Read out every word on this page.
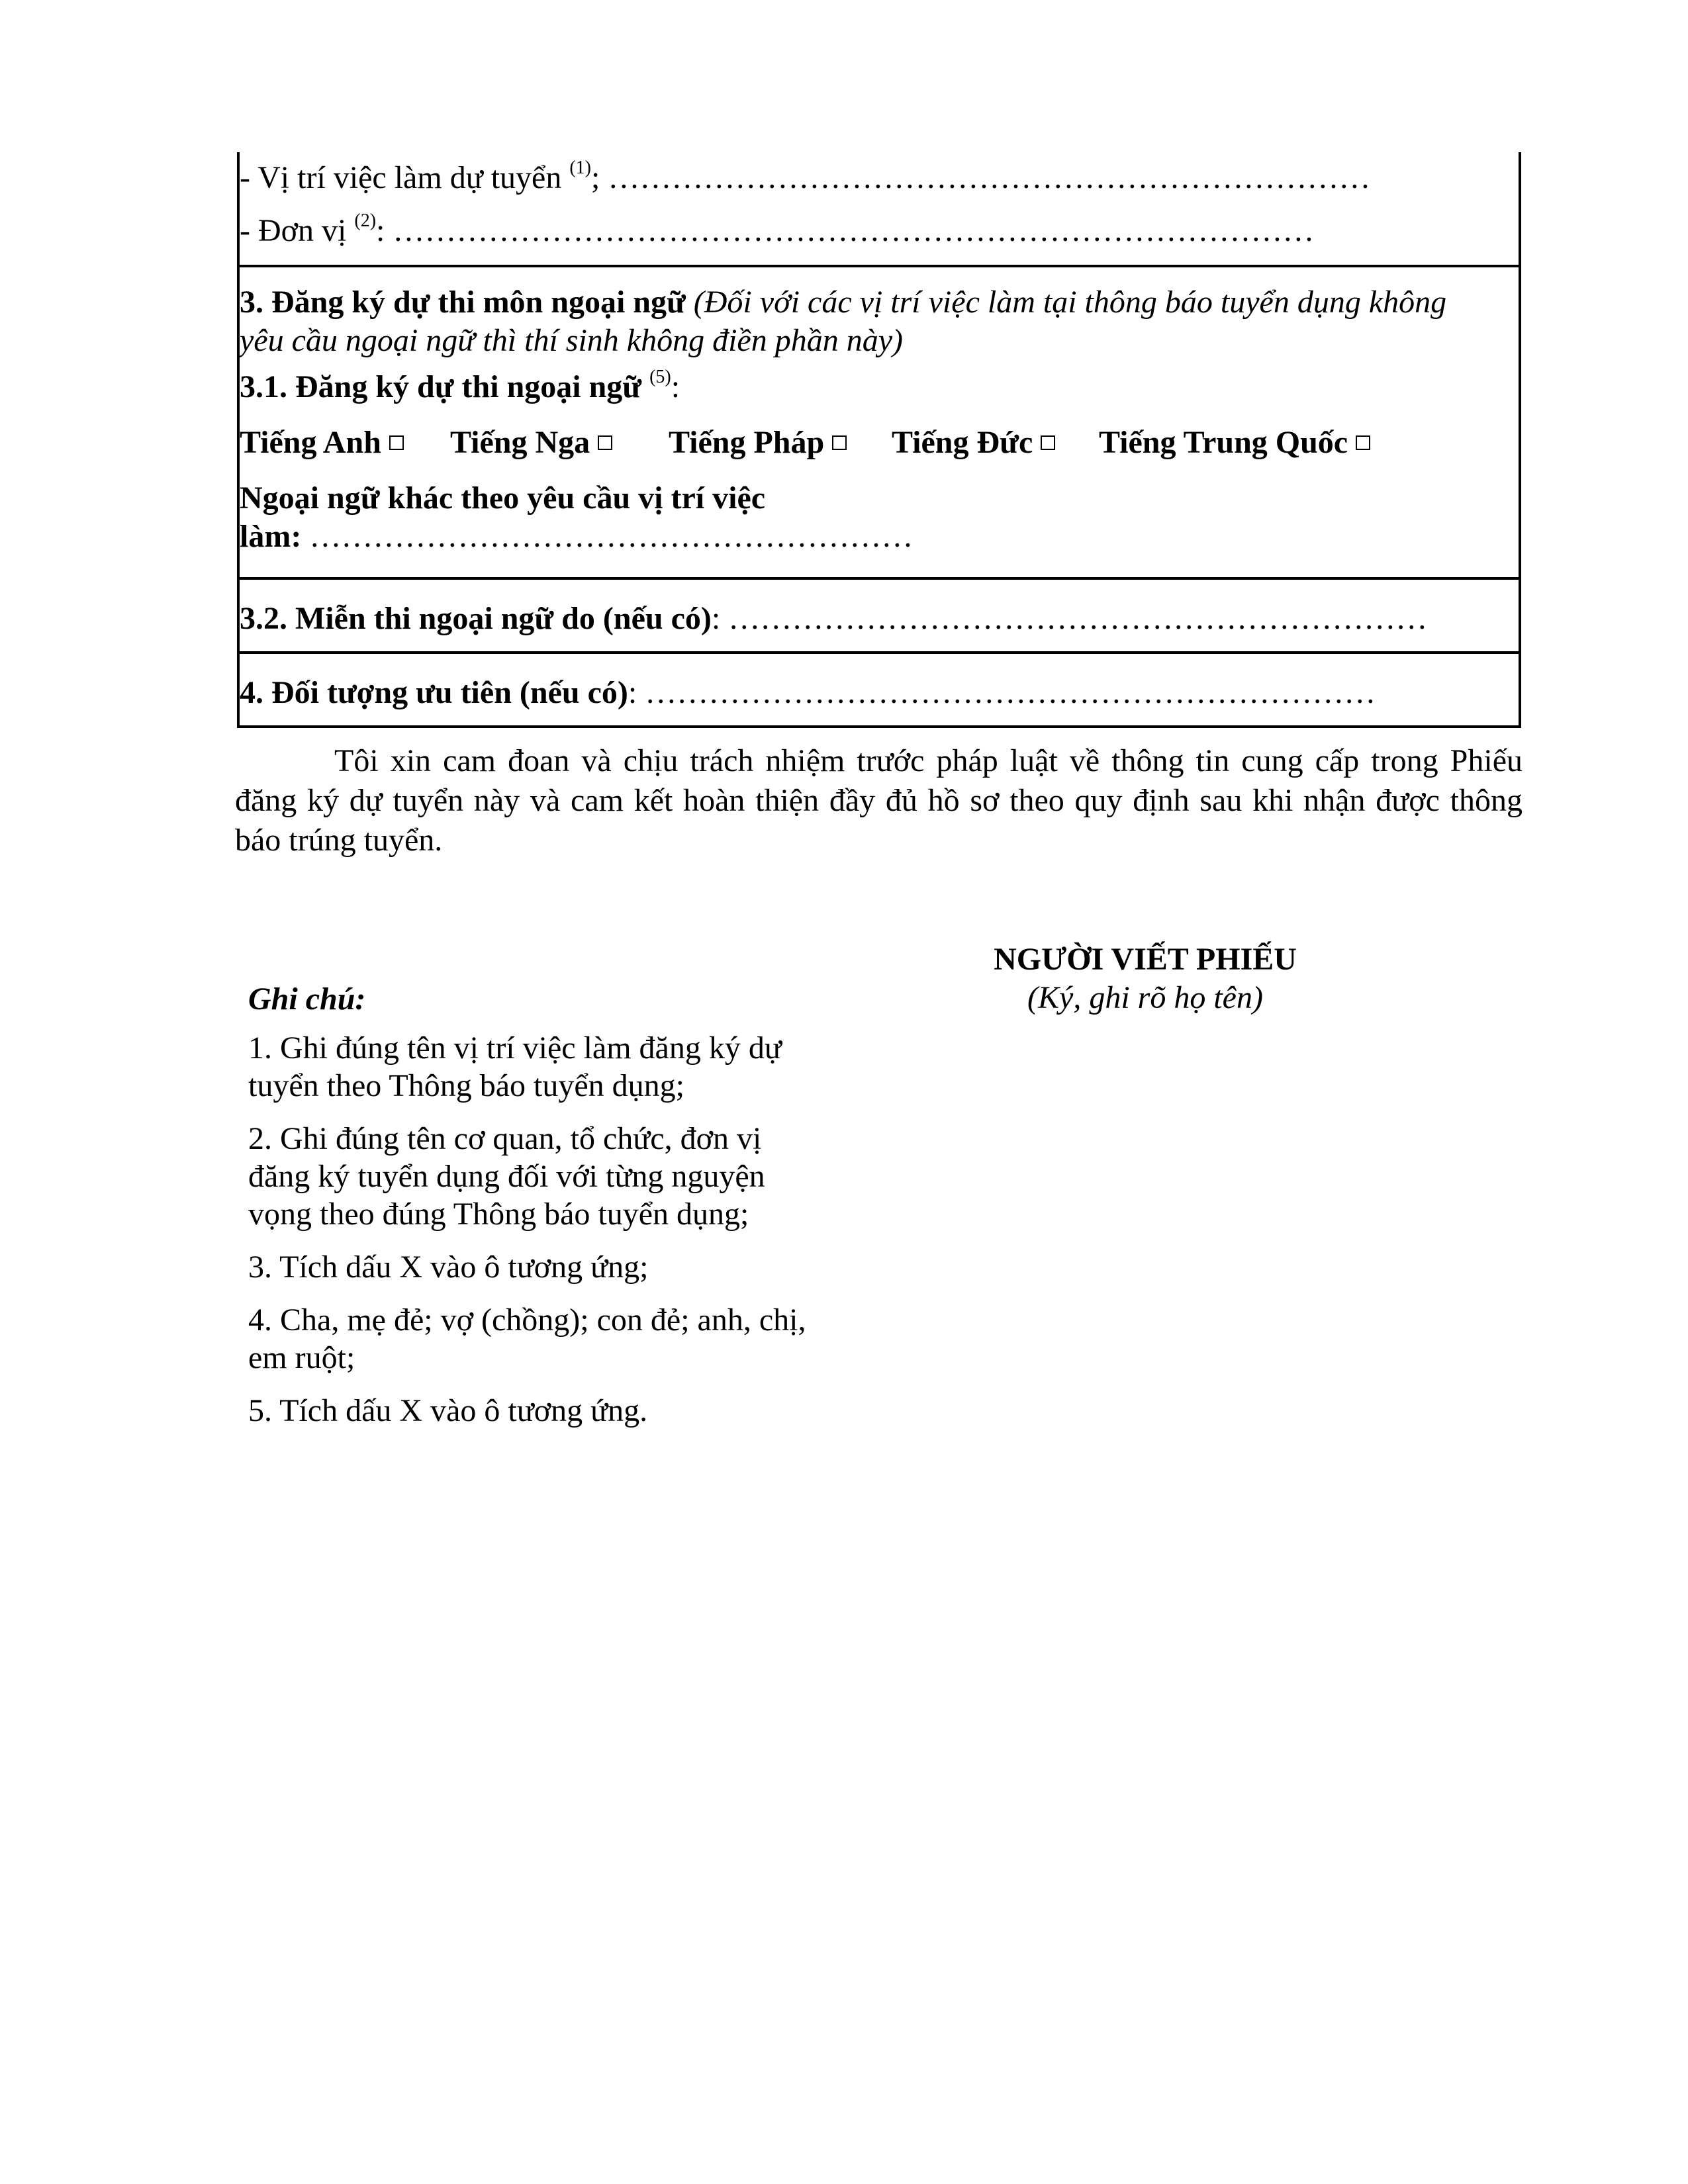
- Vị trí việc làm dự tuyển $^{(1)}$; ………………………………………………………………
- Đơn vị $^{(2)}$: ……………………………………………………………………………
3. Đăng ký dự thi môn ngoại ngữ (Đối với các vị trí việc làm tại thông báo tuyển dụng không
yêu cầu ngoại ngữ thì thí sinh không điền phần này)
3.1. Đăng ký dự thi ngoại ngữ $^{(5)}$:
Tiếng Anh	Tiếng Nga	Tiếng Pháp	Tiếng Đức	Tiếng Trung Quốc
Ngoại ngữ khác theo yêu cầu vị trí việc
làm: …………………………………………………
3.2. Miễn thi ngoại ngữ do (nếu có): …………………………………………………………
4. Đối tượng ưu tiên (nếu có): ……………………………………………………………
Tôi xin cam đoan và chịu trách nhiệm trước pháp luật về thông tin cung cấp trong Phiếu đăng ký dự tuyển này và cam kết hoàn thiện đầy đủ hồ sơ theo quy định sau khi nhận được thông báo trúng tuyển.
NGƯỜI VIẾT PHIẾU
(Ký, ghi rõ họ tên)
Ghi chú:

1. Ghi đúng tên vị trí việc làm đăng ký dự tuyển theo Thông báo tuyển dụng;

2. Ghi đúng tên cơ quan, tổ chức, đơn vị đăng ký tuyển dụng đối với từng nguyện vọng theo đúng Thông báo tuyển dụng;

3. Tích dấu X vào ô tương ứng;

4. Cha, mẹ đẻ; vợ (chồng); con đẻ; anh, chị, em ruột;

5. Tích dấu X vào ô tương ứng.
